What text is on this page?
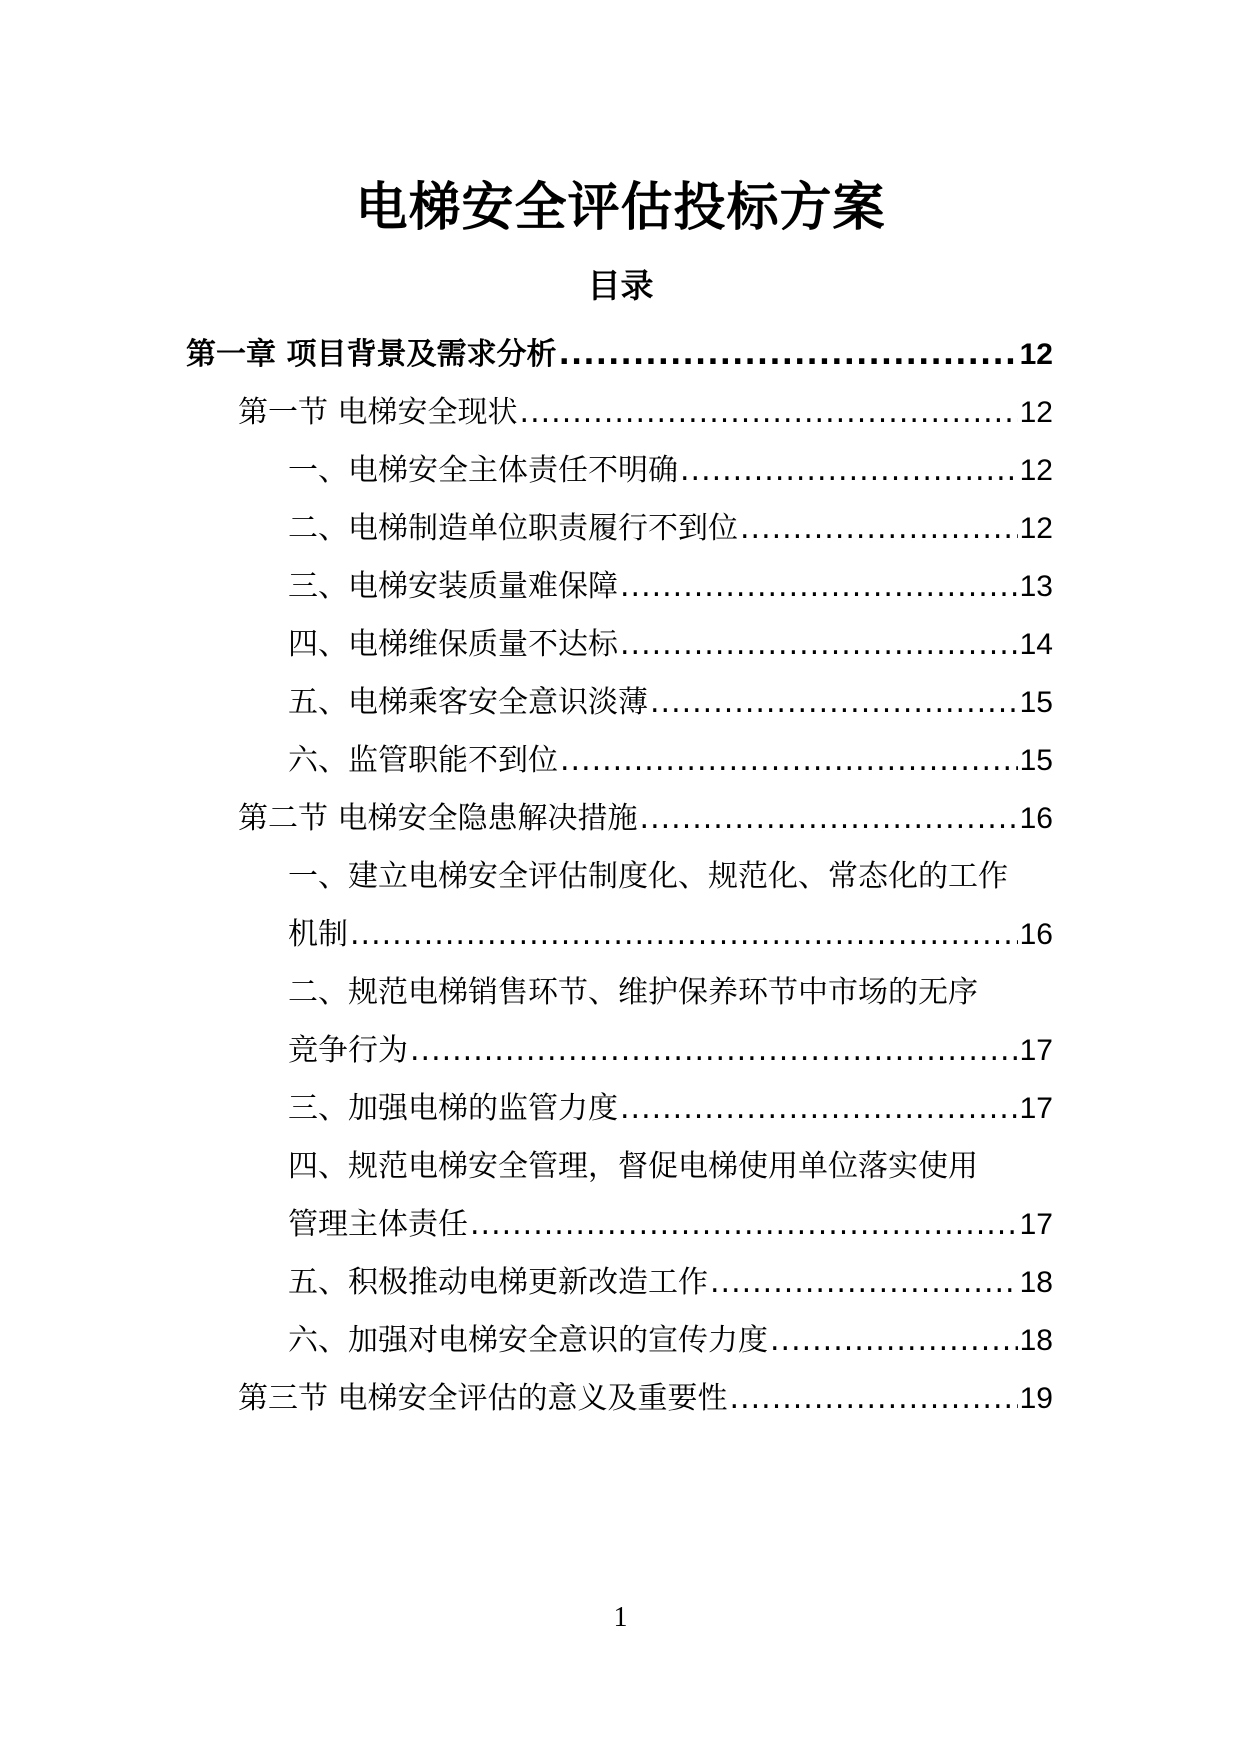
电梯安全评估投标方案
目录
第一章 项目背景及需求分析 .....	12
第一节 电梯安全现状 .....	12
一、电梯安全主体责任不明确 .....	12
二、电梯制造单位职责履行不到位 .....	12
三、电梯安装质量难保障 .....	13
四、电梯维保质量不达标 .....	14
五、电梯乘客安全意识淡薄 .....	15
六、监管职能不到位 .....	15
第二节 电梯安全隐患解决措施 .....	16
一、建立电梯安全评估制度化、规范化、常态化的工作
机制 .....	16
二、规范电梯销售环节、维护保养环节中市场的无序
竞争行为 .....	17
三、加强电梯的监管力度 .....	17
四、规范电梯安全管理，督促电梯使用单位落实使用
管理主体责任 .....	17
五、积极推动电梯更新改造工作 .....	18
六、加强对电梯安全意识的宣传力度 .....	18
第三节 电梯安全评估的意义及重要性 .....	19
1
